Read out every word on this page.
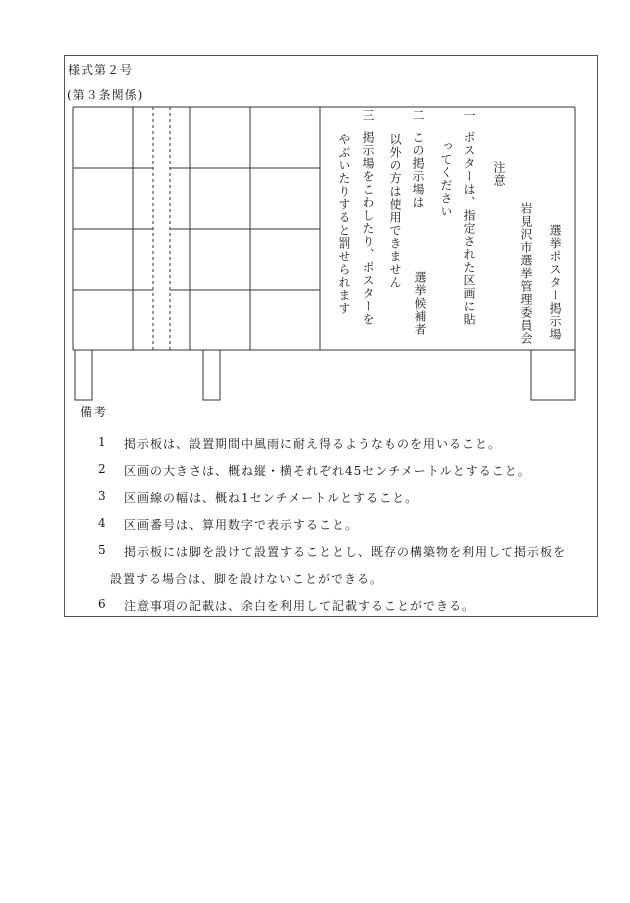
様式第２号
(第３条関係)
選挙ポスター掲示場
岩見沢市選挙管理委員会
注意
一
ポスターは、指定された区画に貼
ってください
二
この掲示場は
選挙候補者
以外の方は使用できません
三
掲示場をこわしたり、ポスターを
やぶいたりすると罰せられます
備考
1 掲示板は、設置期間中風雨に耐え得るようなものを用いること。
2 区画の大きさは、概ね縦・横それぞれ45センチメートルとすること。
3 区画線の幅は、概ね1センチメートルとすること。
4 区画番号は、算用数字で表示すること。
5 掲示板には脚を設けて設置することとし、既存の構築物を利用して掲示板を
設置する場合は、脚を設けないことができる。
6 注意事項の記載は、余白を利用して記載することができる。
